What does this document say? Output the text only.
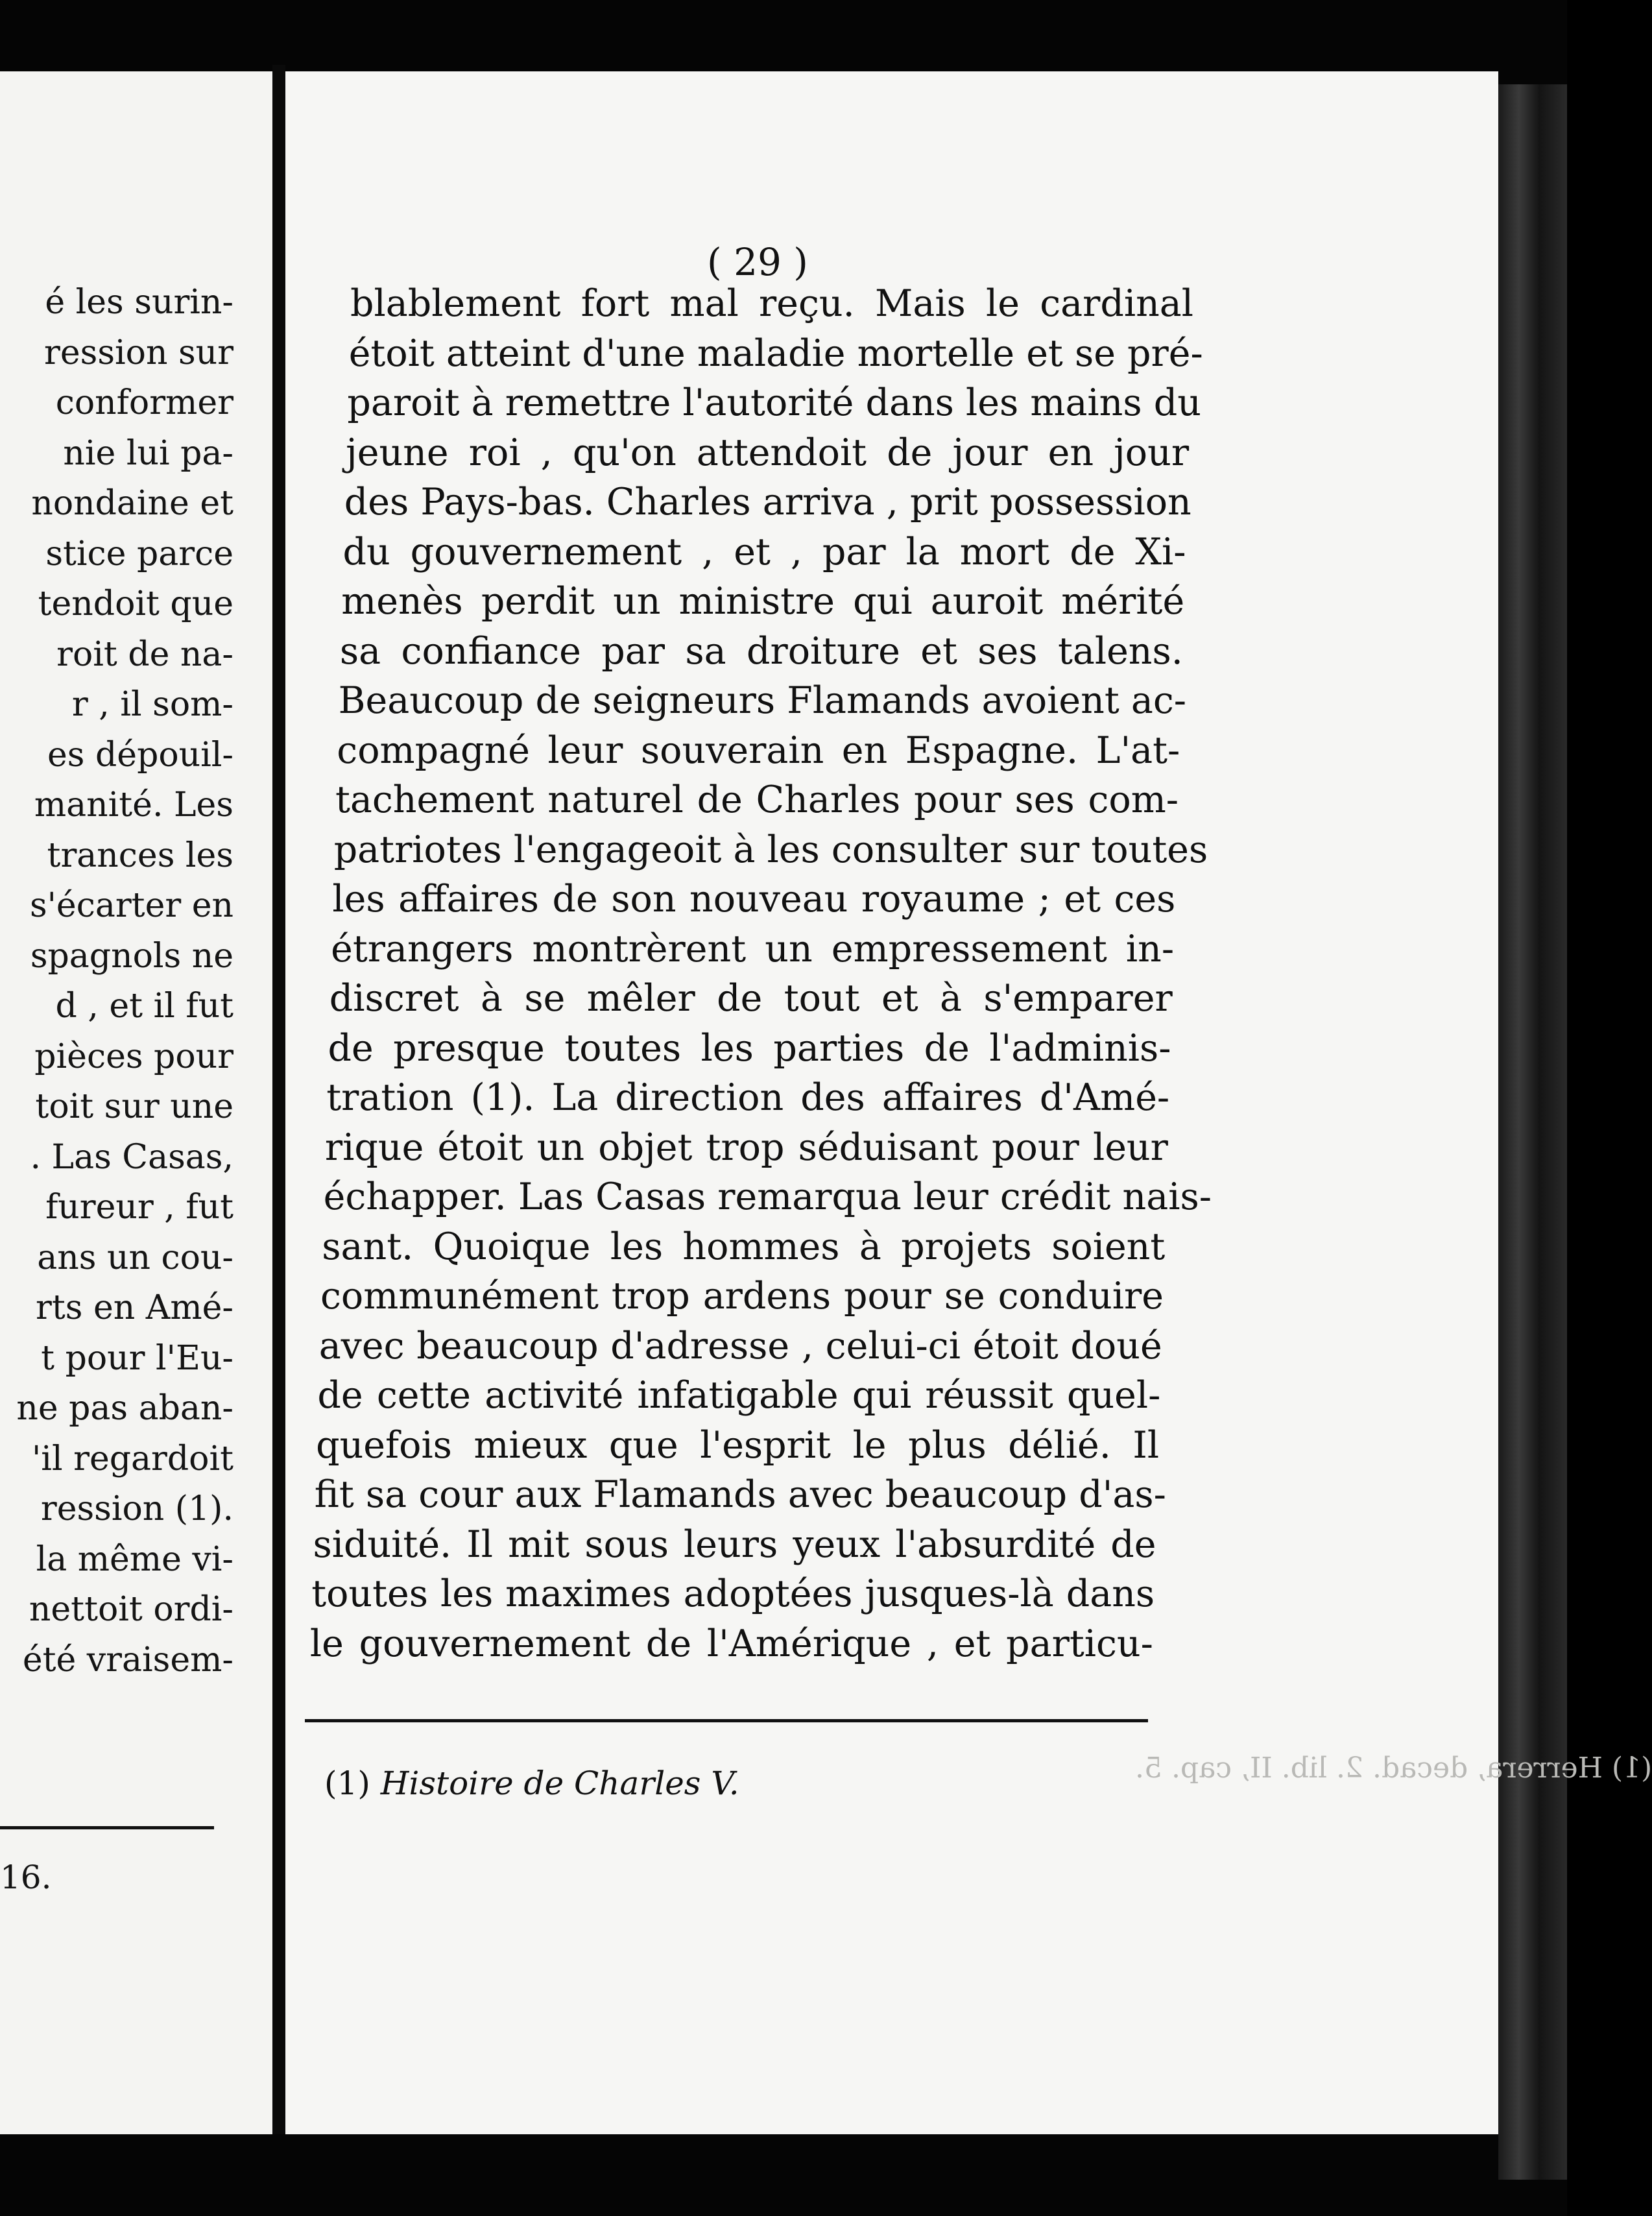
é les surin-
ression sur
conformer
nie lui pa-
nondaine et
stice parce
tendoit que
roit de na-
r , il som-
es dépouil-
manité. Les
trances les
s'écarter en
spagnols ne
d , et il fut
pièces pour
toit sur une
. Las Casas,
fureur , fut
ans un cou-
rts en Amé-
t pour l'Eu-
ne pas aban-
'il regardoit
ression (1).
la même vi-
nettoit ordi-
été vraisem-
16.
( 29 )
blablement fort mal reçu. Mais le cardinal
étoit atteint d'une maladie mortelle et se pré-
paroit à remettre l'autorité dans les mains du
jeune roi , qu'on attendoit de jour en jour
des Pays-bas. Charles arriva , prit possession
du gouvernement , et , par la mort de Xi-
menès perdit un ministre qui auroit mérité
sa confiance par sa droiture et ses talens.
Beaucoup de seigneurs Flamands avoient ac-
compagné leur souverain en Espagne. L'at-
tachement naturel de Charles pour ses com-
patriotes l'engageoit à les consulter sur toutes
les affaires de son nouveau royaume ; et ces
étrangers montrèrent un empressement in-
discret à se mêler de tout et à s'emparer
de presque toutes les parties de l'adminis-
tration (1). La direction des affaires d'Amé-
rique étoit un objet trop séduisant pour leur
échapper. Las Casas remarqua leur crédit nais-
sant. Quoique les hommes à projets soient
communément trop ardens pour se conduire
avec beaucoup d'adresse , celui-ci étoit doué
de cette activité infatigable qui réussit quel-
quefois mieux que l'esprit le plus délié. Il
fit sa cour aux Flamands avec beaucoup d'as-
siduité. Il mit sous leurs yeux l'absurdité de
toutes les maximes adoptées jusques-là dans
le gouvernement de l'Amérique , et particu-
(1) Histoire de Charles V.	(1) Herrera, decad. 2. lib. II, cap. 5.
